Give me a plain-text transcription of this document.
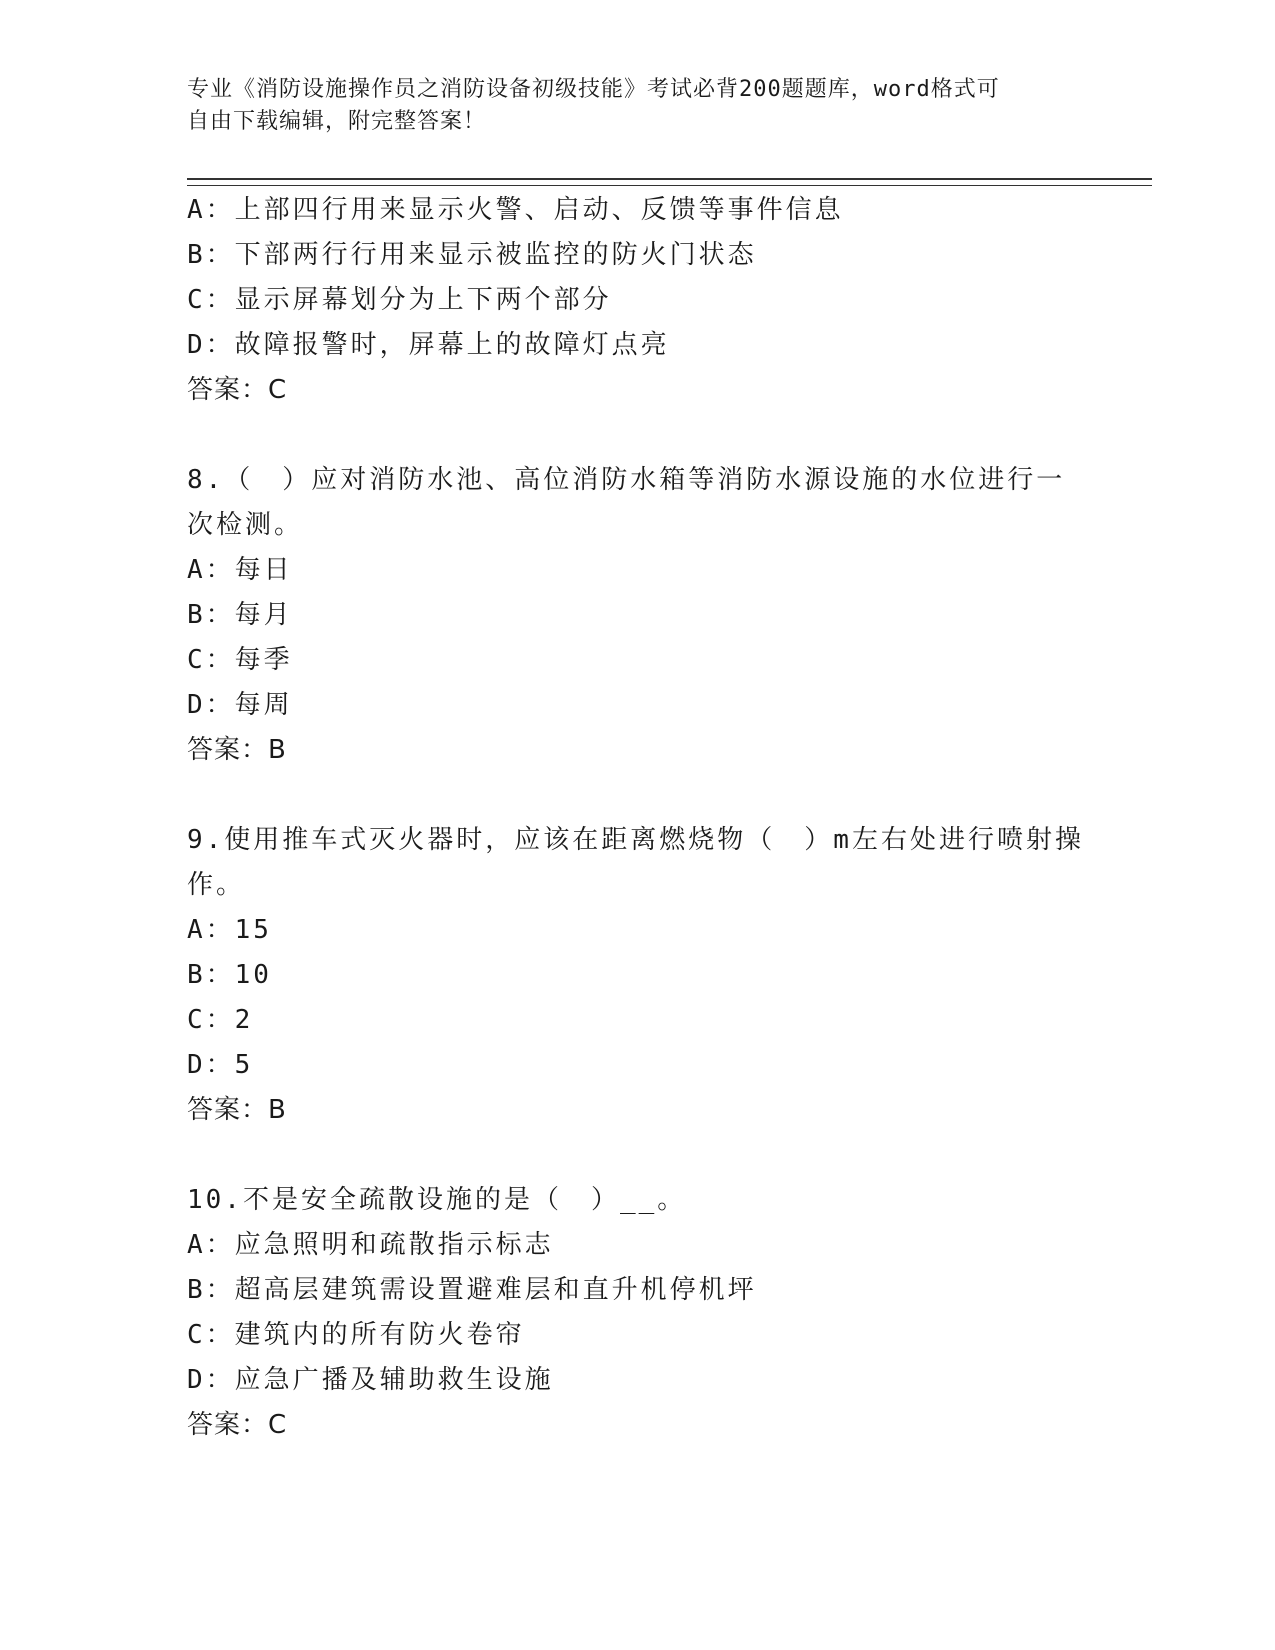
专业《消防设施操作员之消防设备初级技能》考试必背200题题库，word格式可
自由下载编辑，附完整答案！
A：上部四行用来显示火警、启动、反馈等事件信息
B：下部两行行用来显示被监控的防火门状态
C：显示屏幕划分为上下两个部分
D：故障报警时，屏幕上的故障灯点亮
答案：C
8.（　）应对消防水池、高位消防水箱等消防水源设施的水位进行一
次检测。
A：每日
B：每月
C：每季
D：每周
答案：B
9.使用推车式灭火器时，应该在距离燃烧物（　）m左右处进行喷射操
作。
A：15
B：10
C：2
D：5
答案：B
10.不是安全疏散设施的是（　）__。
A：应急照明和疏散指示标志
B：超高层建筑需设置避难层和直升机停机坪
C：建筑内的所有防火卷帘
D：应急广播及辅助救生设施
答案：C
